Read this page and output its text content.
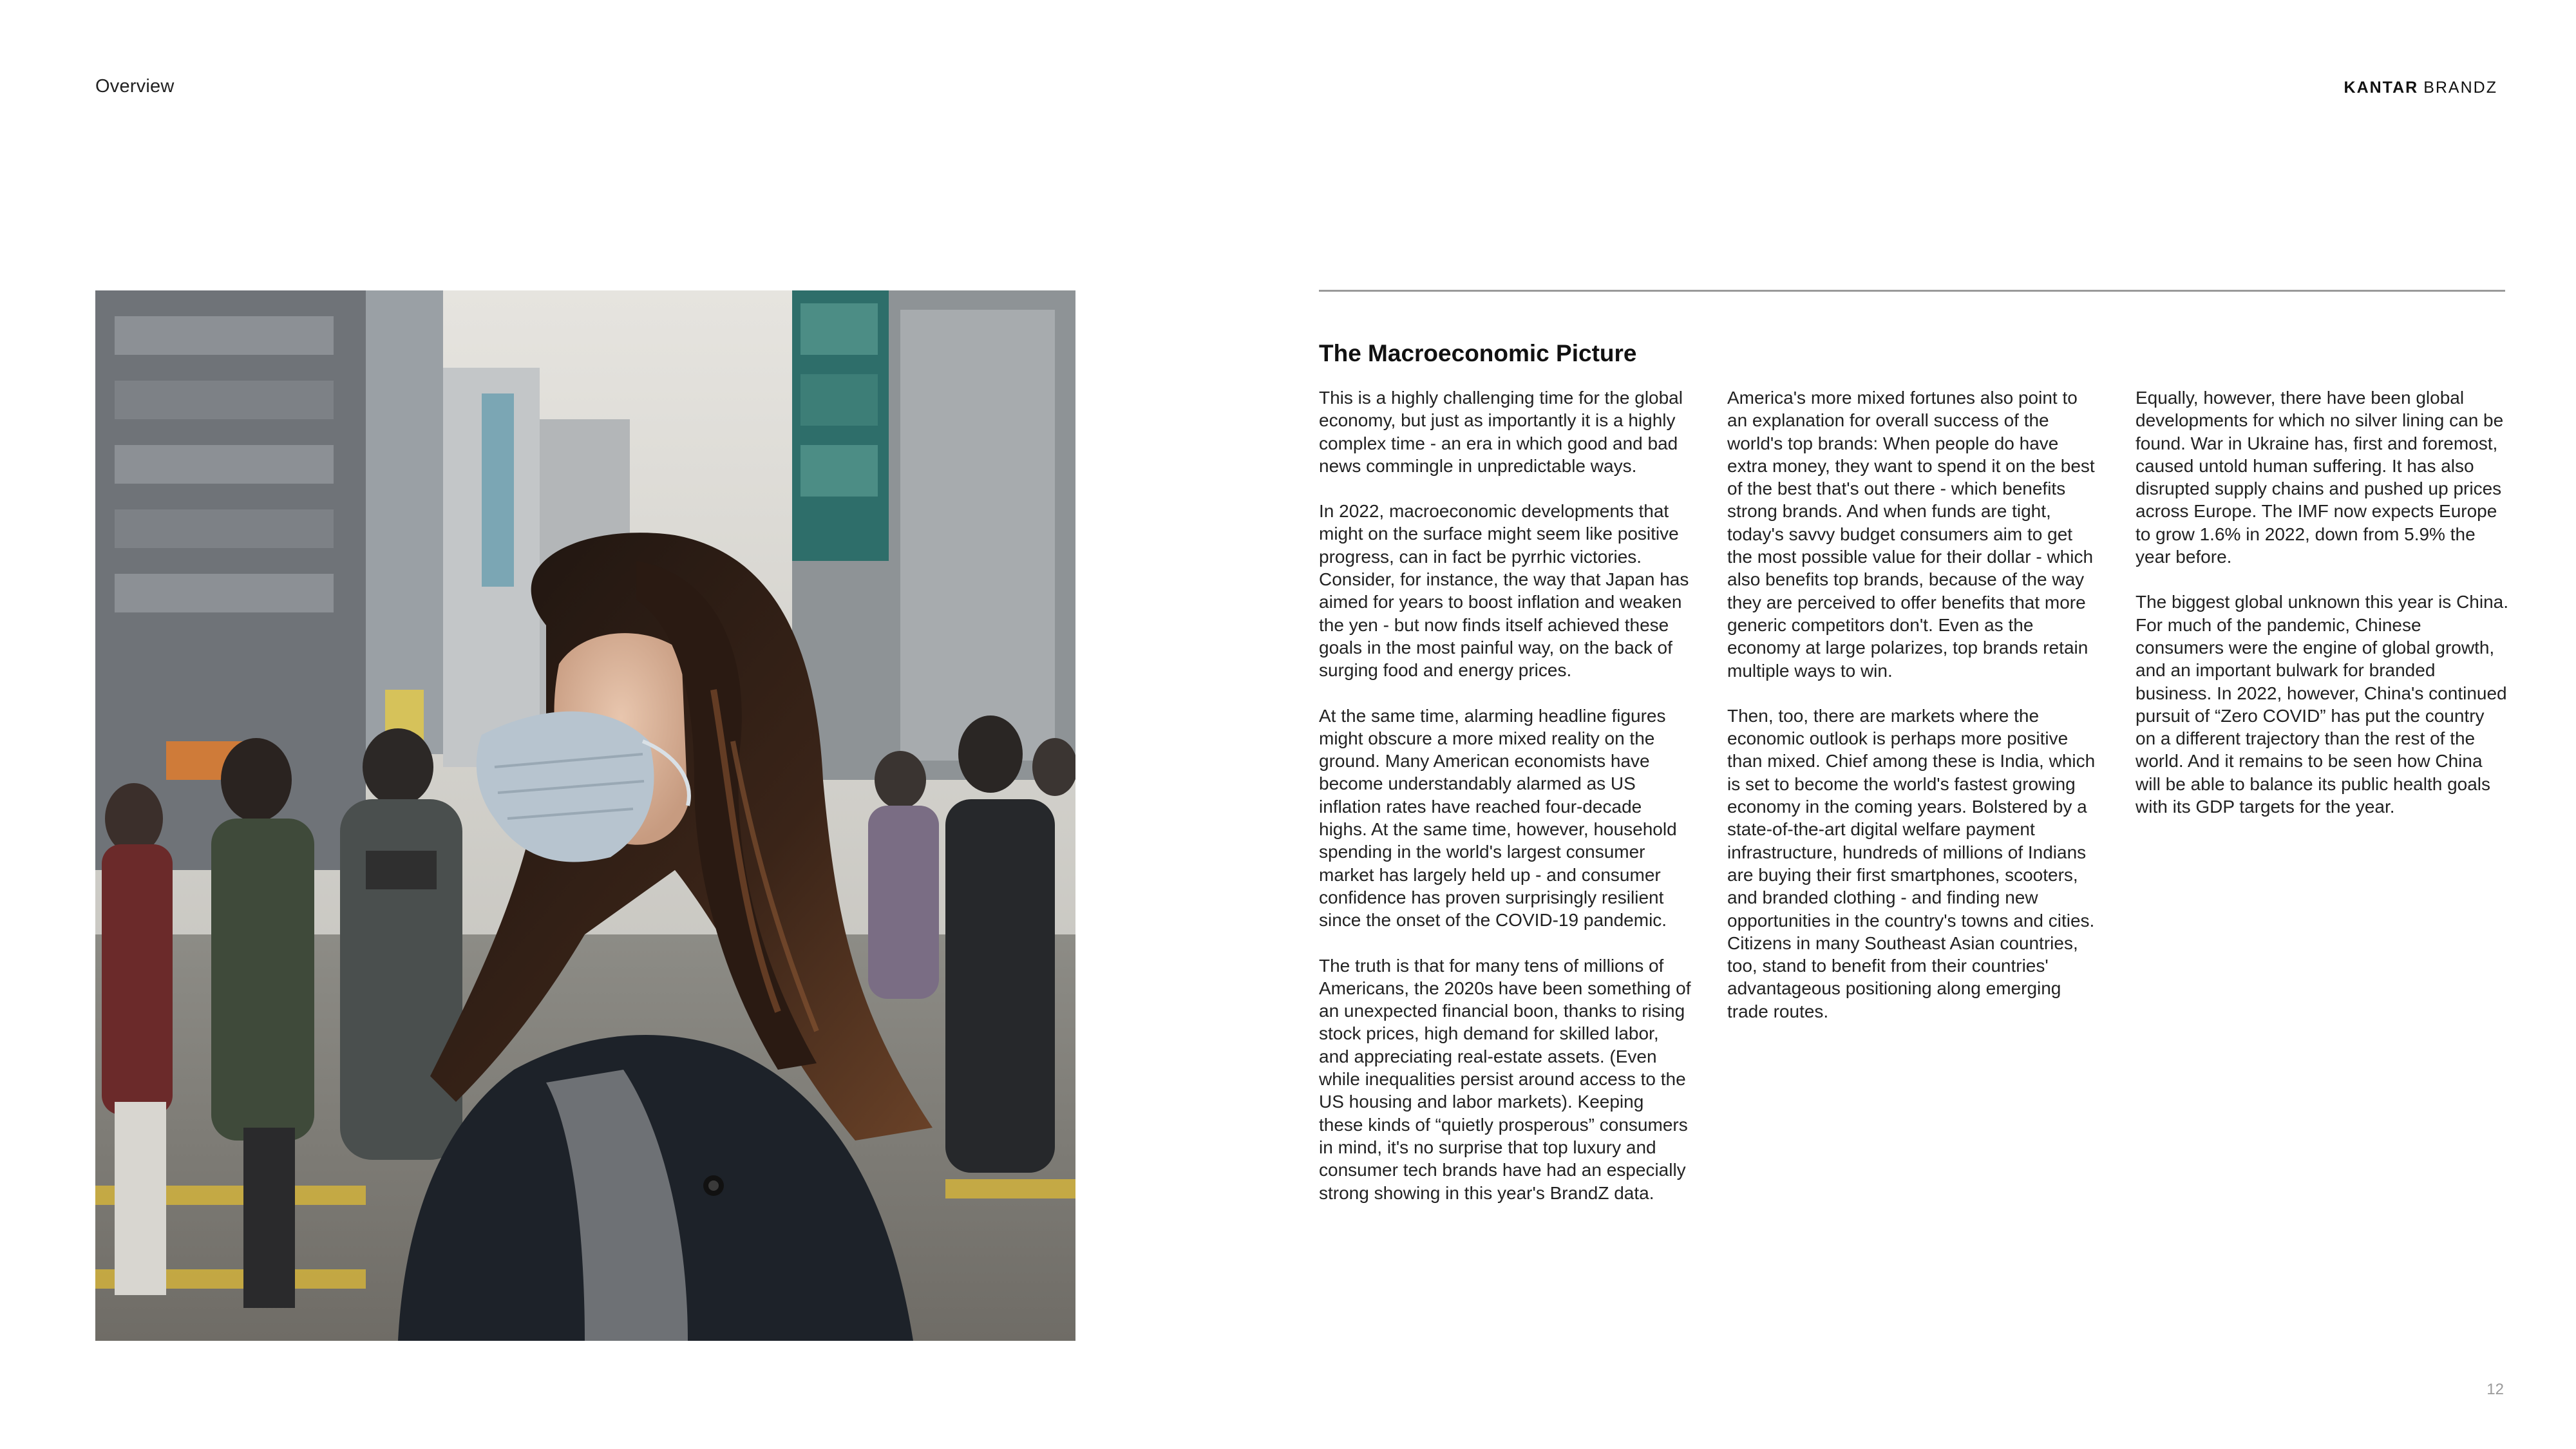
Overview	KANTAR BRANDZ
The Macroeconomic Picture

This is a highly challenging time for the global economy, but just as importantly it is a highly complex time - an era in which good and bad news commingle in unpredictable ways.

In 2022, macroeconomic developments that might on the surface might seem like positive progress, can in fact be pyrrhic victories. Consider, for instance, the way that Japan has aimed for years to boost inflation and weaken the yen - but now finds itself achieved these goals in the most painful way, on the back of surging food and energy prices.

At the same time, alarming headline figures might obscure a more mixed reality on the ground. Many American economists have become understandably alarmed as US inflation rates have reached four-decade highs. At the same time, however, household spending in the world's largest consumer market has largely held up - and consumer confidence has proven surprisingly resilient since the onset of the COVID-19 pandemic.

The truth is that for many tens of millions of Americans, the 2020s have been something of an unexpected financial boon, thanks to rising stock prices, high demand for skilled labor, and appreciating real-estate assets. (Even while inequalities persist around access to the US housing and labor markets). Keeping these kinds of “quietly prosperous” consumers in mind, it's no surprise that top luxury and consumer tech brands have had an especially strong showing in this year's BrandZ data.

America's more mixed fortunes also point to an explanation for overall success of the world's top brands: When people do have extra money, they want to spend it on the best of the best that's out there - which benefits strong brands. And when funds are tight, today's savvy budget consumers aim to get the most possible value for their dollar - which also benefits top brands, because of the way they are perceived to offer benefits that more generic competitors don't. Even as the economy at large polarizes, top brands retain multiple ways to win.

Then, too, there are markets where the economic outlook is perhaps more positive than mixed. Chief among these is India, which is set to become the world's fastest growing economy in the coming years. Bolstered by a state-of-the-art digital welfare payment infrastructure, hundreds of millions of Indians are buying their first smartphones, scooters, and branded clothing - and finding new opportunities in the country's towns and cities. Citizens in many Southeast Asian countries, too, stand to benefit from their countries' advantageous positioning along emerging trade routes.

Equally, however, there have been global developments for which no silver lining can be found. War in Ukraine has, first and foremost, caused untold human suffering. It has also disrupted supply chains and pushed up prices across Europe. The IMF now expects Europe to grow 1.6% in 2022, down from 5.9% the year before.

The biggest global unknown this year is China. For much of the pandemic, Chinese consumers were the engine of global growth, and an important bulwark for branded business. In 2022, however, China's continued pursuit of “Zero COVID” has put the country on a different trajectory than the rest of the world. And it remains to be seen how China will be able to balance its public health goals with its GDP targets for the year.

12
